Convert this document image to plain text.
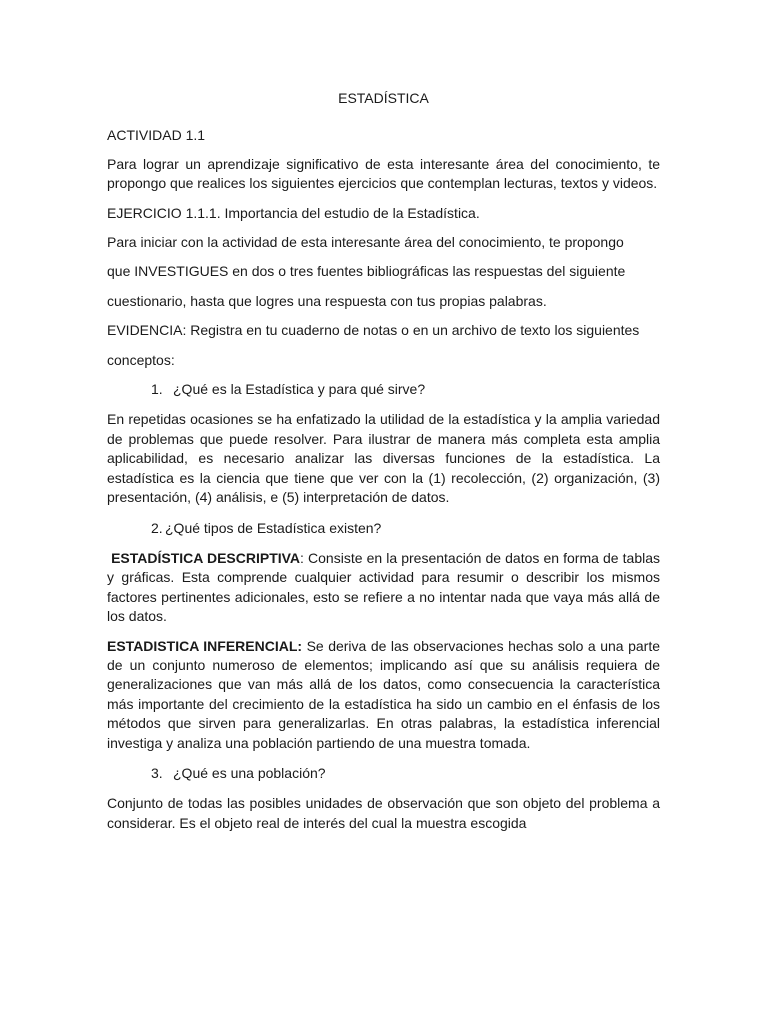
ESTADÍSTICA
ACTIVIDAD 1.1
Para lograr un aprendizaje significativo de esta interesante área del conocimiento, te propongo que realices los siguientes ejercicios que contemplan lecturas, textos y videos.
EJERCICIO 1.1.1. Importancia del estudio de la Estadística.
Para iniciar con la actividad de esta interesante área del conocimiento, te propongo
que INVESTIGUES en dos o tres fuentes bibliográficas las respuestas del siguiente
cuestionario, hasta que logres una respuesta con tus propias palabras.
EVIDENCIA: Registra en tu cuaderno de notas o en un archivo de texto los siguientes
conceptos:
1. ¿Qué es la Estadística y para qué sirve?
En repetidas ocasiones se ha enfatizado la utilidad de la estadística y la amplia variedad de problemas que puede resolver. Para ilustrar de manera más completa esta amplia aplicabilidad, es necesario analizar las diversas funciones de la estadística. La estadística es la ciencia que tiene que ver con la (1) recolección, (2) organización, (3) presentación, (4) análisis, e (5) interpretación de datos.
2. ¿Qué tipos de Estadística existen?
ESTADÍSTICA DESCRIPTIVA: Consiste en la presentación de datos en forma de tablas y gráficas. Esta comprende cualquier actividad para resumir o describir los mismos factores pertinentes adicionales, esto se refiere a no intentar nada que vaya más allá de los datos.
ESTADISTICA INFERENCIAL: Se deriva de las observaciones hechas solo a una parte de un conjunto numeroso de elementos; implicando así que su análisis requiera de generalizaciones que van más allá de los datos, como consecuencia la característica más importante del crecimiento de la estadística ha sido un cambio en el énfasis de los métodos que sirven para generalizarlas. En otras palabras, la estadística inferencial investiga y analiza una población partiendo de una muestra tomada.
3. ¿Qué es una población?
Conjunto de todas las posibles unidades de observación que son objeto del problema a considerar. Es el objeto real de interés del cual la muestra escogida
